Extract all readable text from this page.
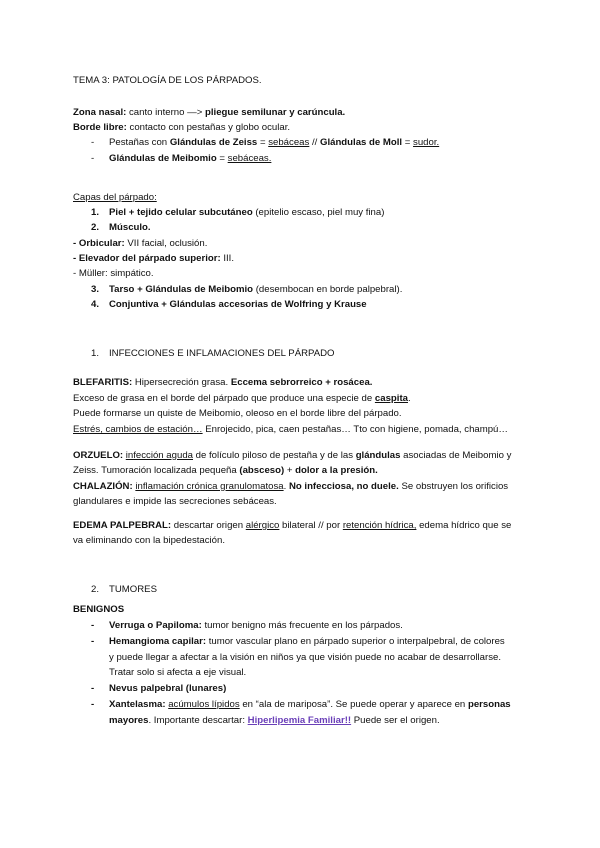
TEMA 3: PATOLOGÍA DE LOS PÁRPADOS.
Zona nasal: canto interno —> pliegue semilunar y carúncula.
Borde libre: contacto con pestañas y globo ocular.
- Pestañas con Glándulas de Zeiss = sebáceas // Glándulas de Moll = sudor.
- Glándulas de Meibomio = sebáceas.
Capas del párpado:
1. Piel + tejido celular subcutáneo (epitelio escaso, piel muy fina)
2. Músculo.
- Orbicular: VII facial, oclusión.
- Elevador del párpado superior: III.
- Müller: simpático.
3. Tarso + Glándulas de Meibomio (desembocan en borde palpebral).
4. Conjuntiva + Glándulas accesorias de Wolfring y Krause
1. INFECCIONES E INFLAMACIONES DEL PÁRPADO
BLEFARITIS: Hipersecreción grasa. Eccema sebrorreico + rosácea.
Exceso de grasa en el borde del párpado que produce una especie de caspita.
Puede formarse un quiste de Meibomio, oleoso en el borde libre del párpado.
Estrés, cambios de estación… Enrojecido, pica, caen pestañas… Tto con higiene, pomada, champú…
ORZUELO: infección aguda de folículo piloso de pestaña y de las glándulas asociadas de Meibomio y
Zeiss. Tumoración localizada pequeña (absceso) + dolor a la presión.
CHALAZIÓN: inflamación crónica granulomatosa. No infecciosa, no duele. Se obstruyen los orificios
glandulares e impide las secreciones sebáceas.
EDEMA PALPEBRAL: descartar origen alérgico bilateral // por retención hídrica, edema hídrico que se
va eliminando con la bipedestación.
2. TUMORES
BENIGNOS
- Verruga o Papiloma: tumor benigno más frecuente en los párpados.
- Hemangioma capilar: tumor vascular plano en párpado superior o interpalpebral, de colores
y puede llegar a afectar a la visión en niños ya que visión puede no acabar de desarrollarse.
Tratar solo si afecta a eje visual.
- Nevus palpebral (lunares)
- Xantelasma: acúmulos lípidos en “ala de mariposa”. Se puede operar y aparece en personas
mayores. Importante descartar: Hiperlipemia Familiar!! Puede ser el origen.
